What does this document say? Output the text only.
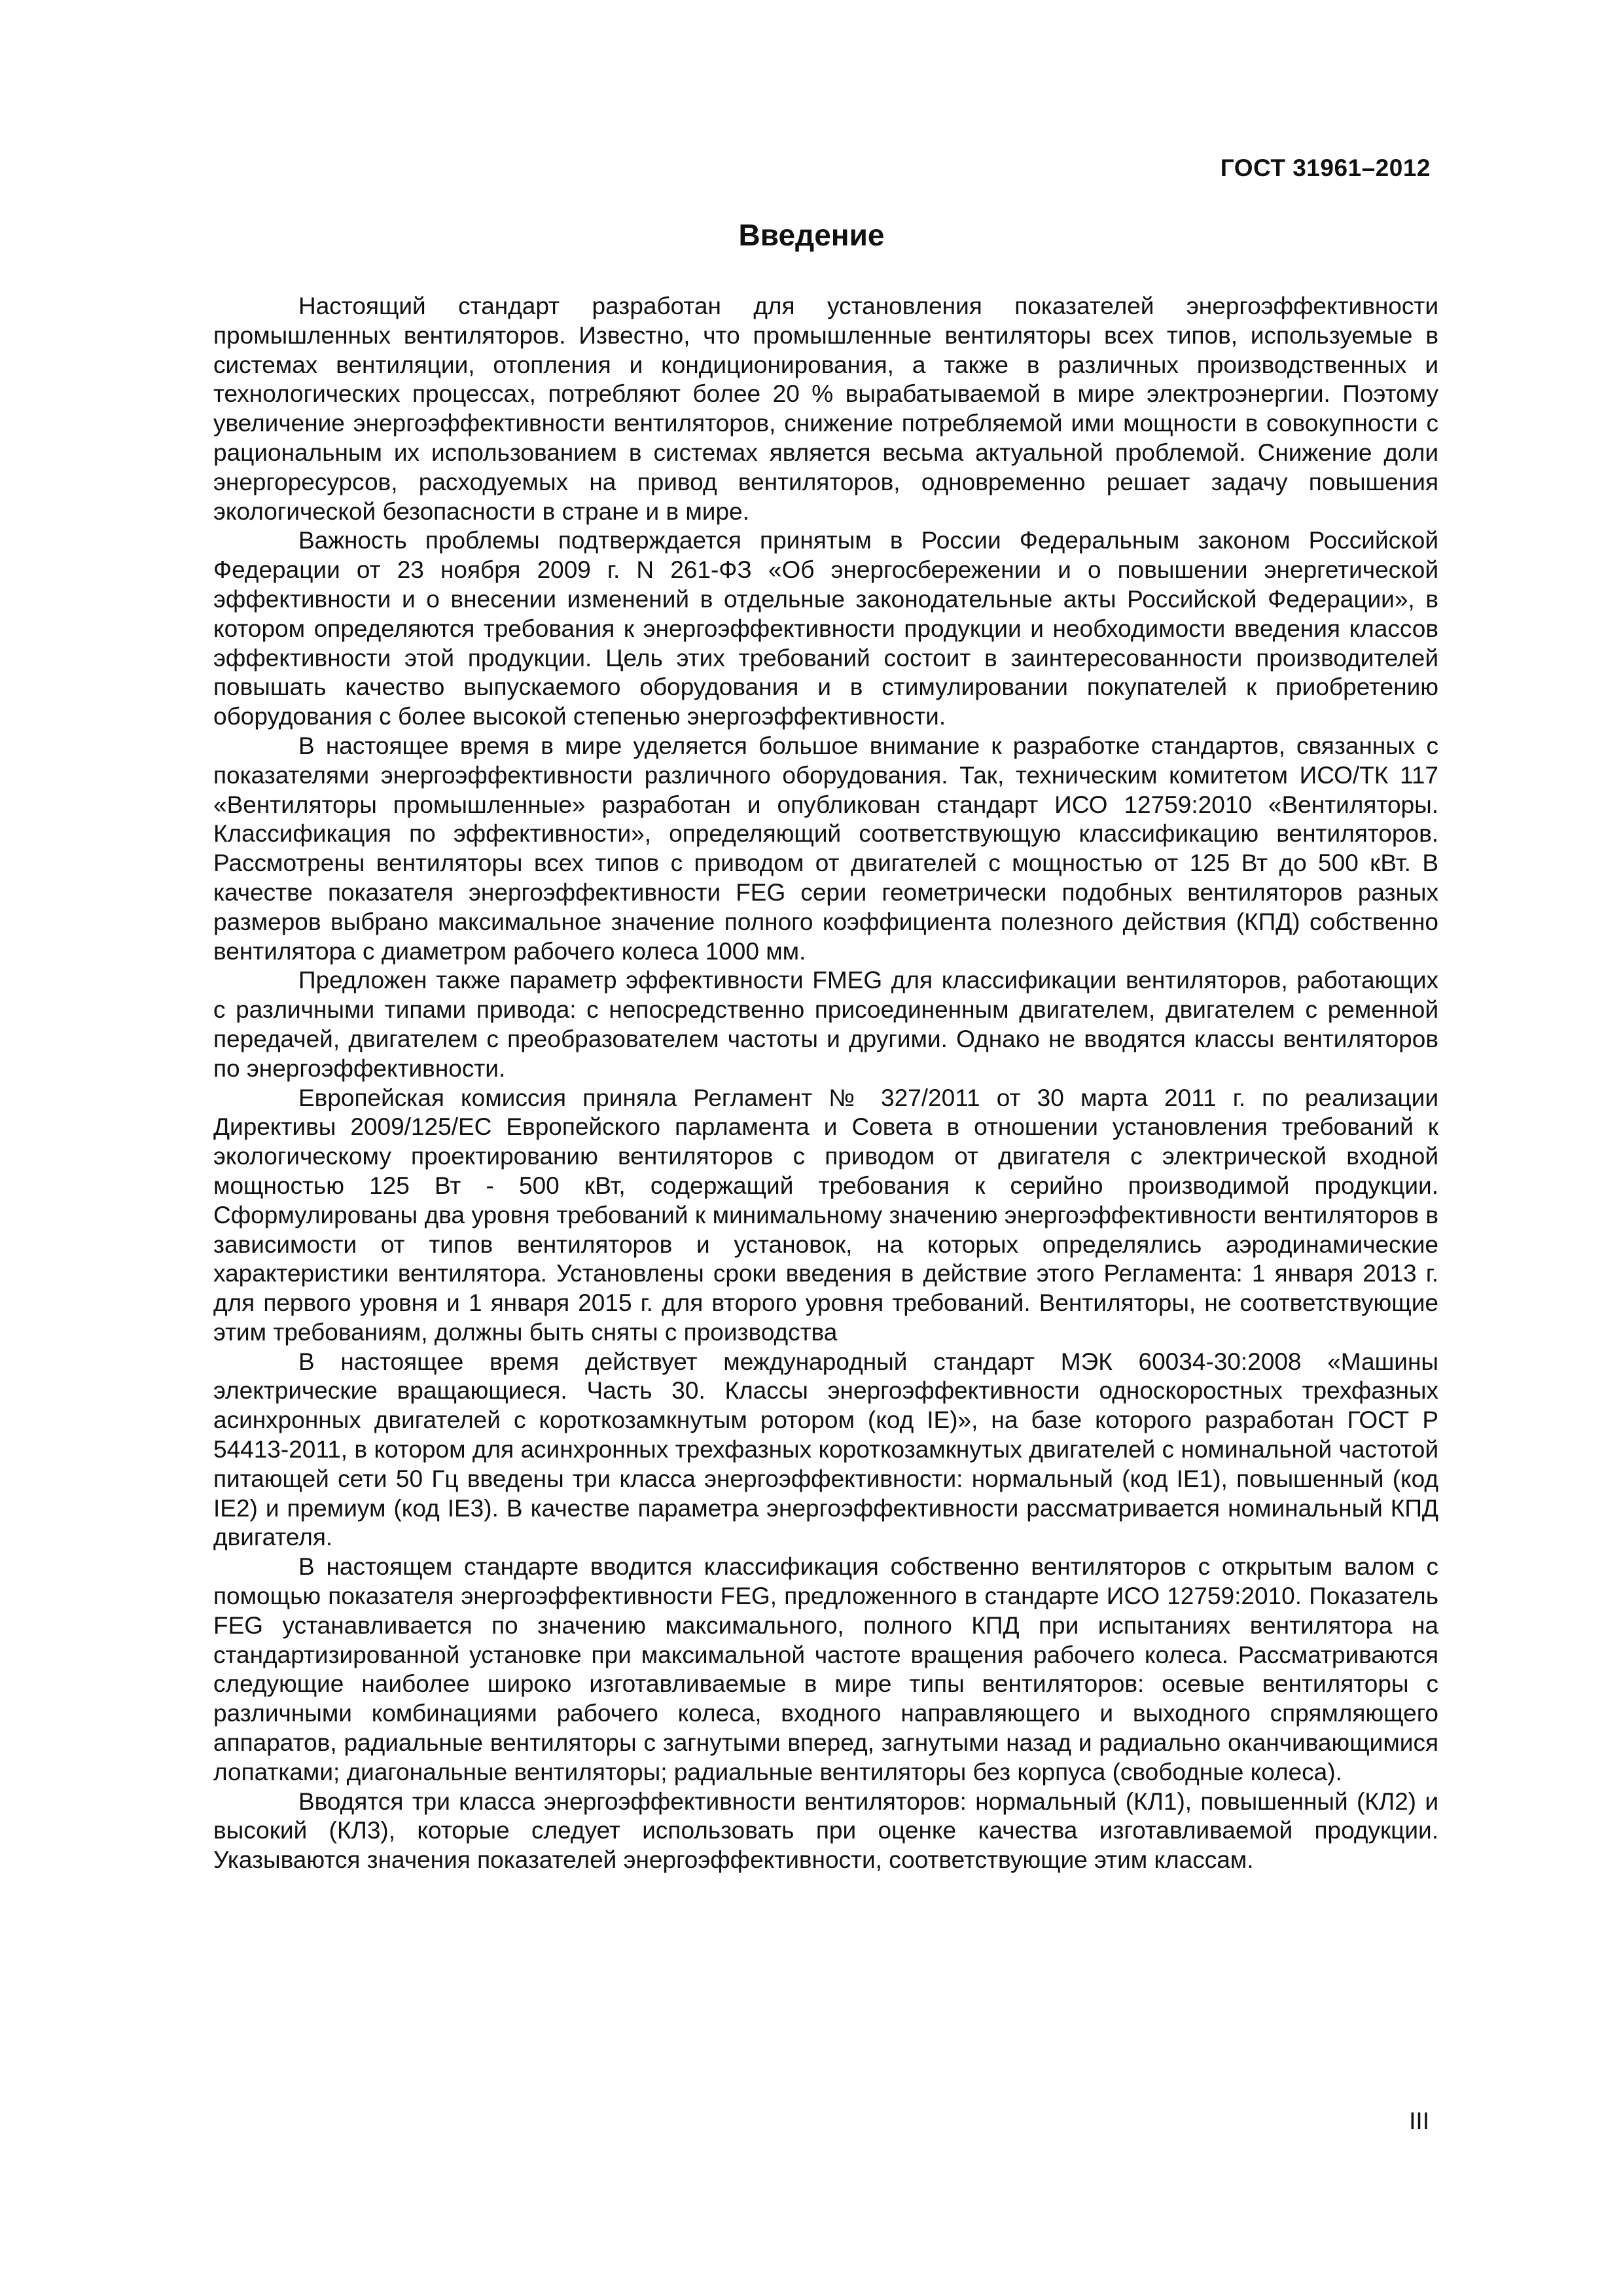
ГОСТ 31961–2012
Введение

Настоящий стандарт разработан для установления показателей энергоэффективности промышленных вентиляторов. Известно, что промышленные вентиляторы всех типов, используемые в системах вентиляции, отопления и кондиционирования, а также в различных производственных и технологических процессах, потребляют более 20 % вырабатываемой в мире электроэнергии. Поэтому увеличение энергоэффективности вентиляторов, снижение потребляемой ими мощности в совокупности с рациональным их использованием в системах является весьма актуальной проблемой. Снижение доли энергоресурсов, расходуемых на привод вентиляторов, одновременно решает задачу повышения экологической безопасности в стране и в мире.

Важность проблемы подтверждается принятым в России Федеральным законом Российской Федерации от 23 ноября 2009 г. N 261-ФЗ «Об энергосбережении и о повышении энергетической эффективности и о внесении изменений в отдельные законодательные акты Российской Федерации», в котором определяются требования к энергоэффективности продукции и необходимости введения классов эффективности этой продукции. Цель этих требований состоит в заинтересованности производителей повышать качество выпускаемого оборудования и в стимулировании покупателей к приобретению оборудования с более высокой степенью энергоэффективности.

В настоящее время в мире уделяется большое внимание к разработке стандартов, связанных с показателями энергоэффективности различного оборудования. Так, техническим комитетом ИСО/ТК 117 «Вентиляторы промышленные» разработан и опубликован стандарт ИСО 12759:2010 «Вентиляторы. Классификация по эффективности», определяющий соответствующую классификацию вентиляторов. Рассмотрены вентиляторы всех типов с приводом от двигателей с мощностью от 125 Вт до 500 кВт. В качестве показателя энергоэффективности FEG серии геометрически подобных вентиляторов разных размеров выбрано максимальное значение полного коэффициента полезного действия (КПД) собственно вентилятора с диаметром рабочего колеса 1000 мм.

Предложен также параметр эффективности FMEG для классификации вентиляторов, работающих с различными типами привода: с непосредственно присоединенным двигателем, двигателем с ременной передачей, двигателем с преобразователем частоты и другими. Однако не вводятся классы вентиляторов по энергоэффективности.

Европейская комиссия приняла Регламент № 327/2011 от 30 марта 2011 г. по реализации Директивы 2009/125/ЕС Европейского парламента и Совета в отношении установления требований к экологическому проектированию вентиляторов с приводом от двигателя с электрической входной мощностью 125 Вт - 500 кВт, содержащий требования к серийно производимой продукции. Сформулированы два уровня требований к минимальному значению энергоэффективности вентиляторов в зависимости от типов вентиляторов и установок, на которых определялись аэродинамические характеристики вентилятора. Установлены сроки введения в действие этого Регламента: 1 января 2013 г. для первого уровня и 1 января 2015 г. для второго уровня требований. Вентиляторы, не соответствующие этим требованиям, должны быть сняты с производства

В настоящее время действует международный стандарт МЭК 60034-30:2008 «Машины электрические вращающиеся. Часть 30. Классы энергоэффективности односкоростных трехфазных асинхронных двигателей с короткозамкнутым ротором (код IE)», на базе которого разработан ГОСТ Р 54413-2011, в котором для асинхронных трехфазных короткозамкнутых двигателей с номинальной частотой питающей сети 50 Гц введены три класса энергоэффективности: нормальный (код IE1), повышенный (код IE2) и премиум (код IE3). В качестве параметра энергоэффективности рассматривается номинальный КПД двигателя.

В настоящем стандарте вводится классификация собственно вентиляторов с открытым валом с помощью показателя энергоэффективности FEG, предложенного в стандарте ИСО 12759:2010. Показатель FEG устанавливается по значению максимального, полного КПД при испытаниях вентилятора на стандартизированной установке при максимальной частоте вращения рабочего колеса. Рассматриваются следующие наиболее широко изготавливаемые в мире типы вентиляторов: осевые вентиляторы с различными комбинациями рабочего колеса, входного направляющего и выходного спрямляющего аппаратов, радиальные вентиляторы с загнутыми вперед, загнутыми назад и радиально оканчивающимися лопатками; диагональные вентиляторы; радиальные вентиляторы без корпуса (свободные колеса).

Вводятся три класса энергоэффективности вентиляторов: нормальный (КЛ1), повышенный (КЛ2) и высокий (КЛ3), которые следует использовать при оценке качества изготавливаемой продукции. Указываются значения показателей энергоэффективности, соответствующие этим классам.

III
